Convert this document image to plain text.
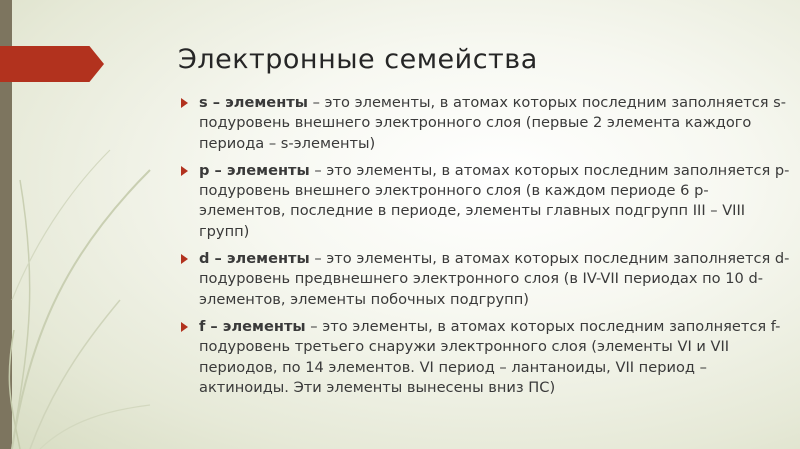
Электронные семейства
s – элементы – это элементы, в атомах которых последним заполняется s-подуровень внешнего электронного слоя (первые 2 элемента каждого периода – s-элементы)
p – элементы – это элементы, в атомах которых последним заполняется p-подуровень внешнего электронного слоя (в каждом периоде 6 p-элементов, последние в периоде, элементы главных подгрупп III – VIII групп)
d – элементы – это элементы, в атомах которых последним заполняется d-подуровень предвнешнего электронного слоя (в IV-VII периодах по 10 d-элементов, элементы побочных подгрупп)
f – элементы – это элементы, в атомах которых последним заполняется f-подуровень третьего снаружи электронного слоя (элементы VI и VII периодов, по 14 элементов. VI период – лантаноиды, VII период – актиноиды. Эти элементы вынесены вниз ПС)
